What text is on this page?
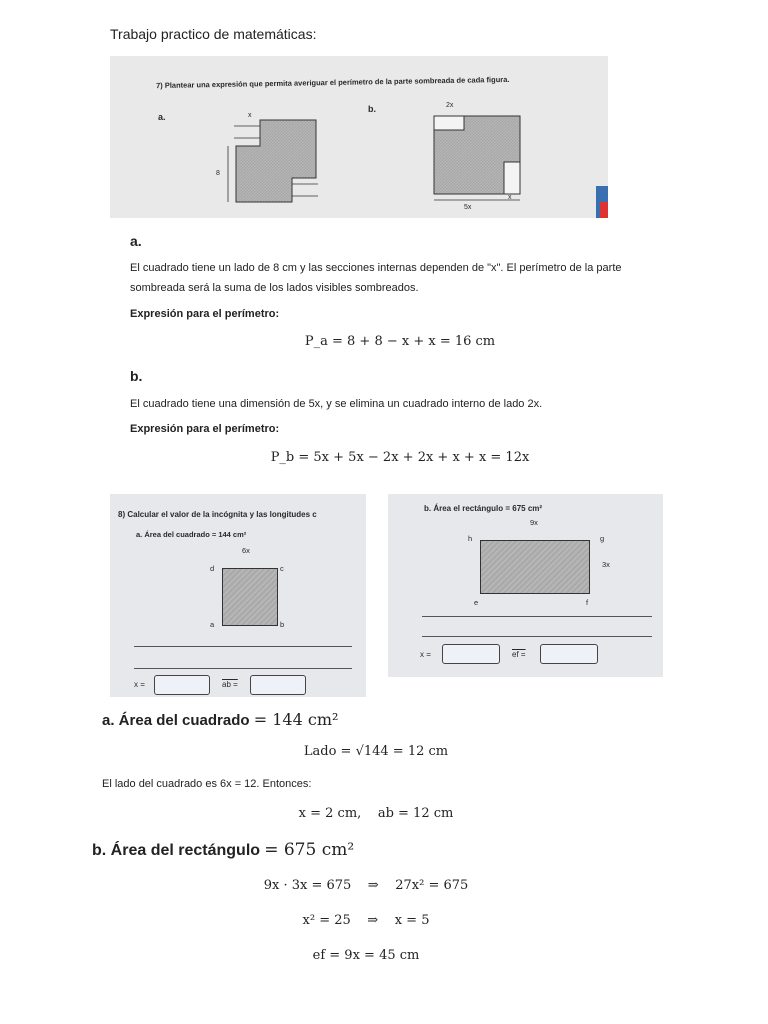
Trabajo practico de matemáticas:
7) Plantear una expresión que permita averiguar el perímetro de la parte sombreada de cada figura.
a.
b.
x
8
2x
5x
x
a.
El cuadrado tiene un lado de 8 cm y las secciones internas dependen de "x". El perímetro de la parte sombreada será la suma de los lados visibles sombreados.
Expresión para el perímetro:
P_a = 8 + 8 − x + x = 16 cm
b.
El cuadrado tiene una dimensión de 5x, y se elimina un cuadrado interno de lado 2x.
Expresión para el perímetro:
P_b = 5x + 5x − 2x + 2x + x + x = 12x
8) Calcular el valor de la incógnita y las longitudes c
a. Área del cuadrado = 144 cm²
6x
d	c
a	b
x =	ab =
b. Área el rectángulo = 675 cm²
9x
h	g
3x
e	f
x =	ef =
a. Área del cuadrado = 144 cm²
Lado = √144 = 12 cm
El lado del cuadrado es 6x = 12. Entonces:
x = 2 cm,    ab = 12 cm
b. Área del rectángulo = 675 cm²
9x · 3x = 675    ⇒    27x² = 675
x² = 25    ⇒    x = 5
ef = 9x = 45 cm
